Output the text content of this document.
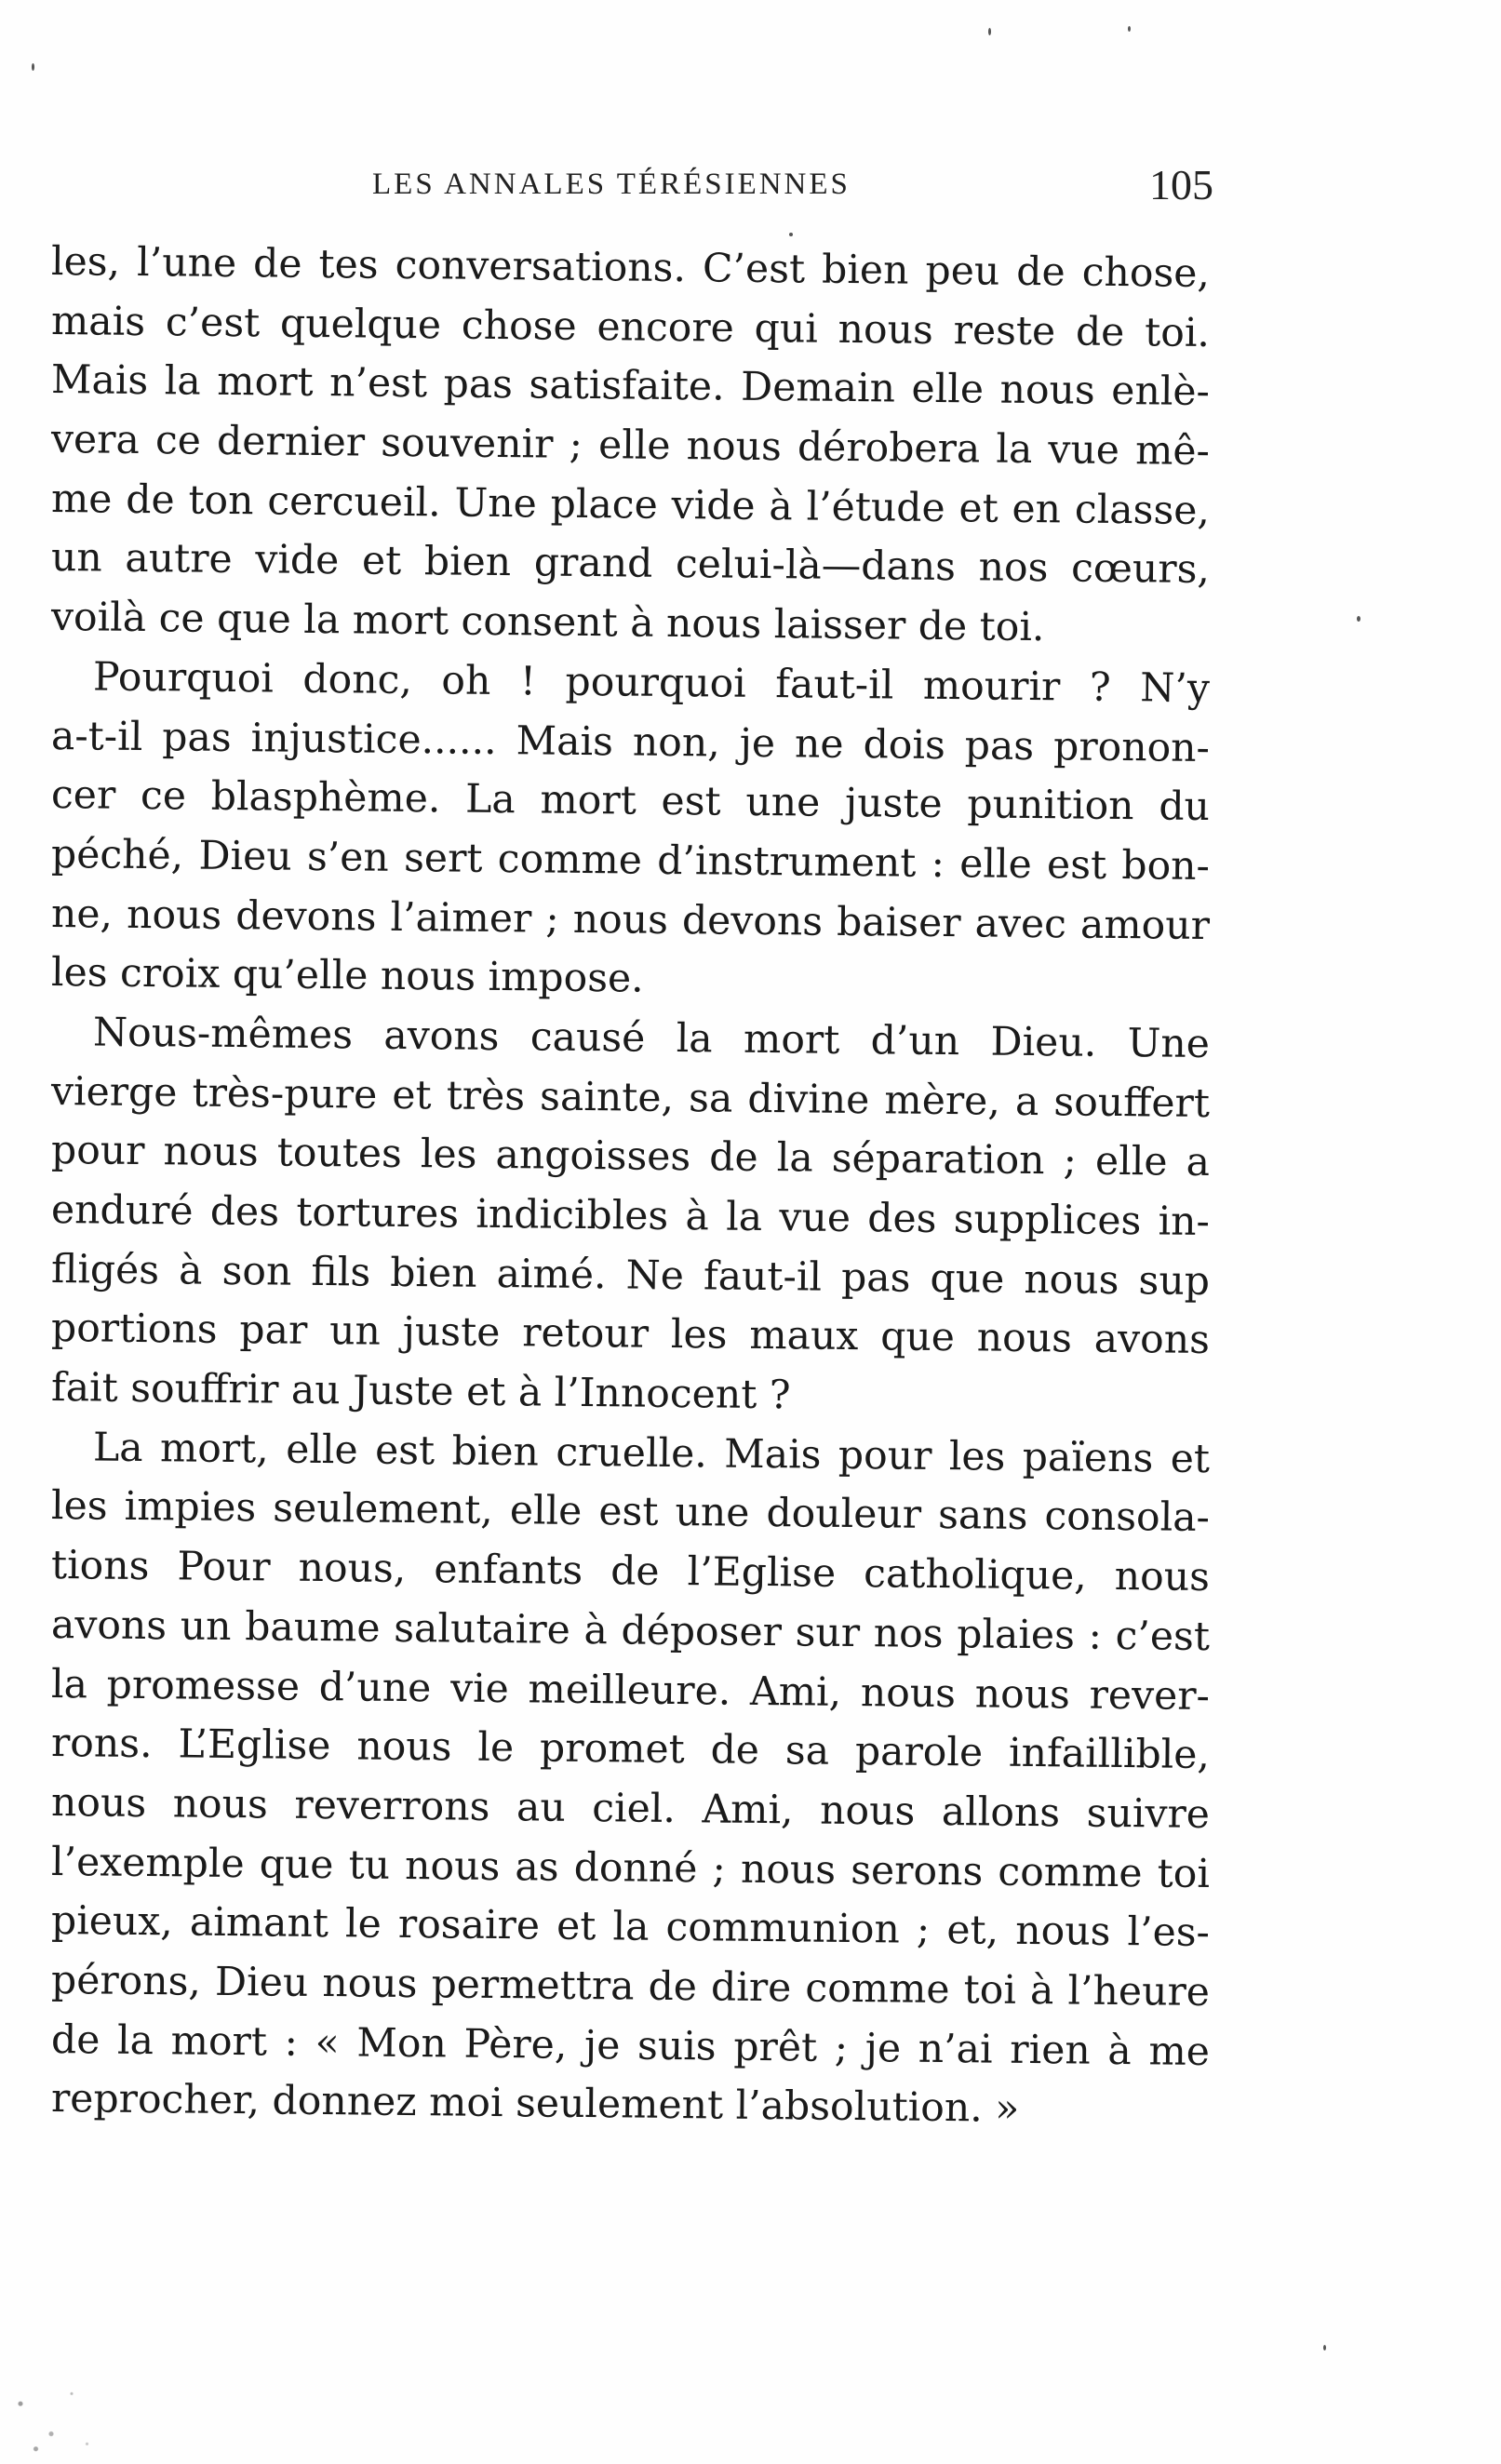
LES ANNALES TÉRÉSIENNES	105
les, l’une de tes conversations. C’est bien peu de chose,
mais c’est quelque chose encore qui nous reste de toi.
Mais la mort n’est pas satisfaite. Demain elle nous enlè-
vera ce dernier souvenir ; elle nous dérobera la vue mê-
me de ton cercueil. Une place vide à l’étude et en classe,
un autre vide et bien grand celui-là—dans nos cœurs,
voilà ce que la mort consent à nous laisser de toi.
Pourquoi donc, oh ! pourquoi faut-il mourir ? N’y
a-t-il pas injustice...... Mais non, je ne dois pas pronon-
cer ce blasphème. La mort est une juste punition du
péché, Dieu s’en sert comme d’instrument : elle est bon-
ne, nous devons l’aimer ; nous devons baiser avec amour
les croix qu’elle nous impose.
Nous-mêmes avons causé la mort d’un Dieu. Une
vierge très-pure et très sainte, sa divine mère, a souffert
pour nous toutes les angoisses de la séparation ; elle a
enduré des tortures indicibles à la vue des supplices in-
fligés à son fils bien aimé. Ne faut-il pas que nous sup
portions par un juste retour les maux que nous avons
fait souffrir au Juste et à l’Innocent ?
La mort, elle est bien cruelle. Mais pour les païens et
les impies seulement, elle est une douleur sans consola-
tions Pour nous, enfants de l’Eglise catholique, nous
avons un baume salutaire à déposer sur nos plaies : c’est
la promesse d’une vie meilleure. Ami, nous nous rever-
rons. L’Eglise nous le promet de sa parole infaillible,
nous nous reverrons au ciel. Ami, nous allons suivre
l’exemple que tu nous as donné ; nous serons comme toi
pieux, aimant le rosaire et la communion ; et, nous l’es-
pérons, Dieu nous permettra de dire comme toi à l’heure
de la mort : « Mon Père, je suis prêt ; je n’ai rien à me
reprocher, donnez moi seulement l’absolution. »
